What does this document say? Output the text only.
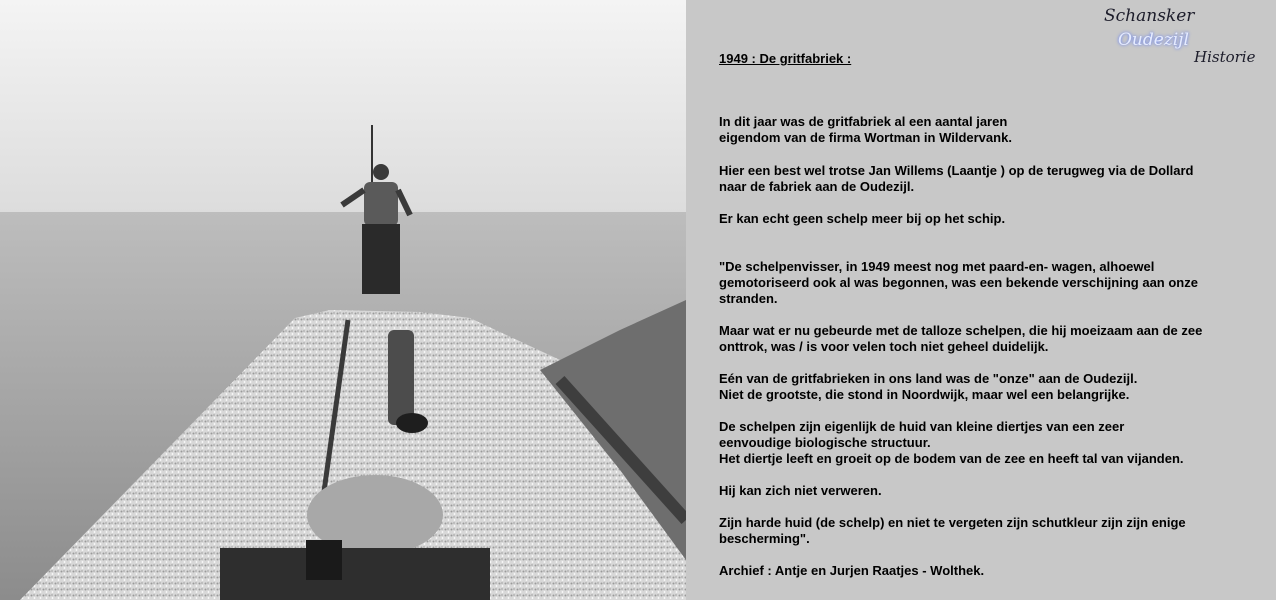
Schansker
Oudezijl
Historie
1949 : De gritfabriek :
In dit jaar was de gritfabriek al een aantal jaren
eigendom van de firma Wortman in Wildervank.
Hier een best wel trotse Jan Willems (Laantje ) op de terugweg via de Dollard
naar de fabriek aan de Oudezijl.
Er kan echt geen schelp meer bij op het schip.
"De schelpenvisser, in 1949 meest nog met paard-en- wagen, alhoewel
gemotoriseerd ook al was begonnen, was een bekende verschijning aan onze
stranden.
Maar wat er nu gebeurde met de talloze schelpen, die hij moeizaam aan de zee
onttrok, was / is voor velen toch niet geheel duidelijk.
Eén van de gritfabrieken in ons land was de "onze" aan de Oudezijl.
Niet de grootste, die stond in Noordwijk, maar wel een belangrijke.
De schelpen zijn eigenlijk de huid van kleine diertjes van een zeer
eenvoudige biologische structuur.
Het diertje leeft en groeit op de bodem van de zee en heeft tal van vijanden.
Hij kan zich niet verweren.
Zijn harde huid (de schelp) en niet te vergeten zijn schutkleur zijn zijn enige
bescherming".
Archief : Antje en Jurjen Raatjes - Wolthek.
